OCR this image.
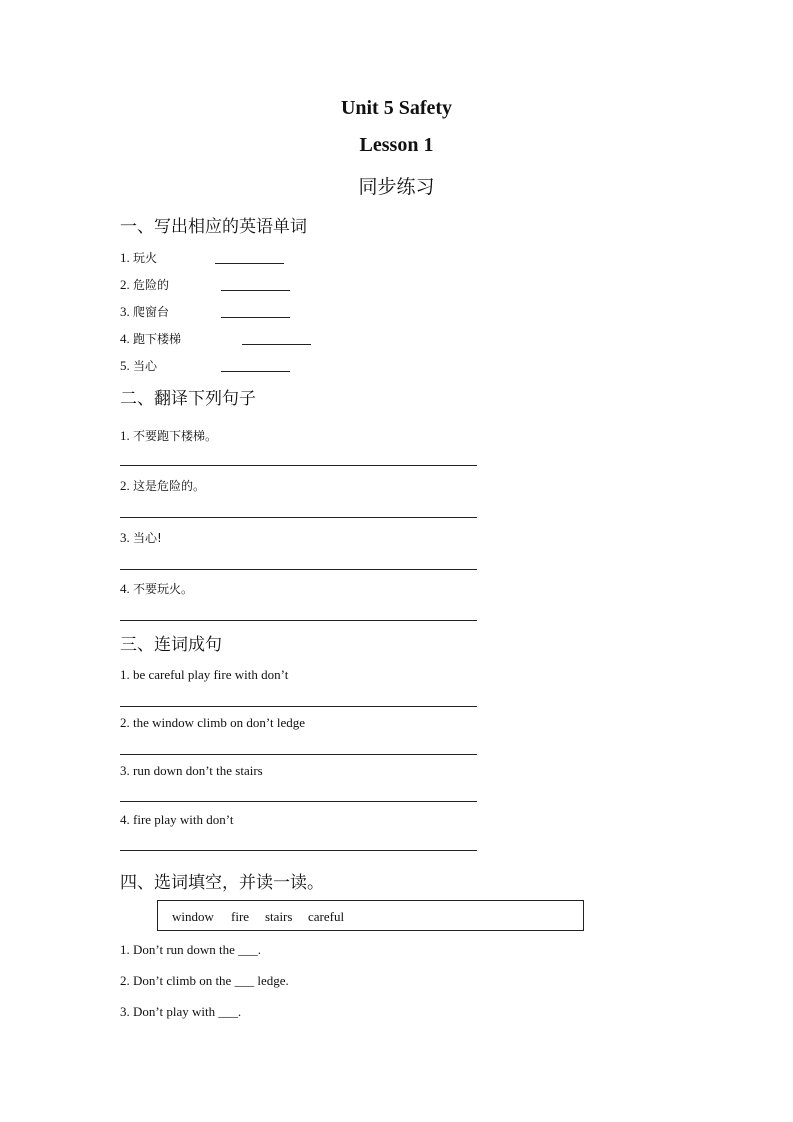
Unit 5 Safety
Lesson 1
同步练习
一、写出相应的英语单词
1. 玩火
2. 危险的
3. 爬窗台
4. 跑下楼梯
5. 当心
二、翻译下列句子
1. 不要跑下楼梯。
2. 这是危险的。
3. 当心!
4. 不要玩火。
三、连词成句
1. be careful play fire with don’t
2. the window climb on don’t ledge
3. run down don’t the stairs
4. fire play with don’t
四、选词填空，并读一读。
window fire stairs careful
1. Don’t run down the ___.
2. Don’t climb on the ___ ledge.
3. Don’t play with ___.
